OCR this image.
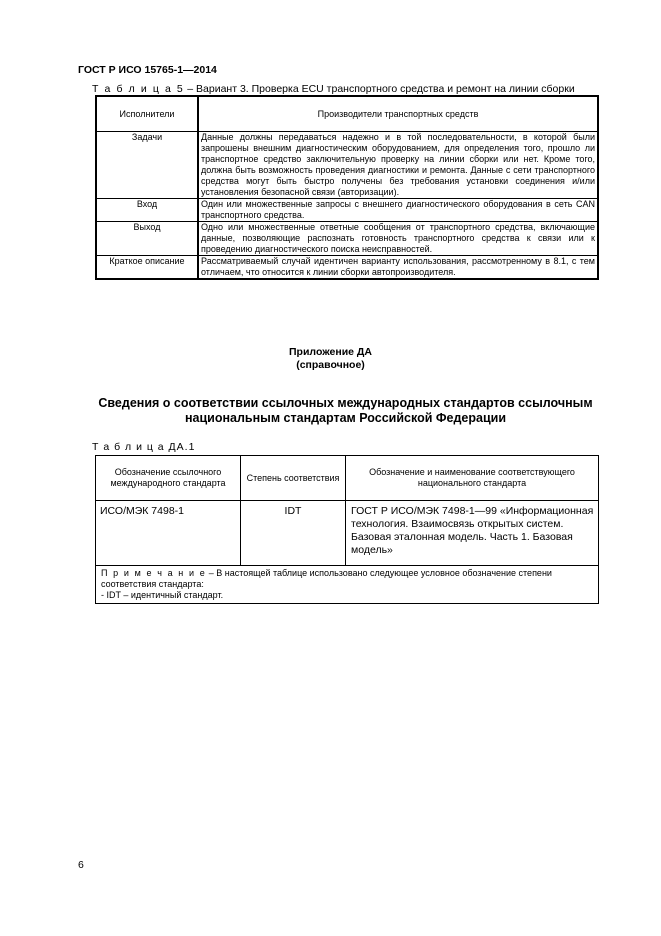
ГОСТ Р ИСО 15765-1—2014
Т а б л и ц а 5 – Вариант 3. Проверка ECU транспортного средства и ремонт на линии сборки
Исполнители	Производители транспортных средств
Задачи	Данные должны передаваться надежно и в той последовательности, в которой были запрошены внешним диагностическим оборудованием, для определения того, прошло ли транспортное средство заключительную проверку на линии сборки или нет. Кроме того, должна быть возможность проведения диагностики и ремонта. Данные с сети транспортного средства могут быть быстро получены без требования установки соединения и/или установления безопасной связи (авторизации).
Вход	Один или множественные запросы с внешнего диагностического оборудования в сеть CAN транспортного средства.
Выход	Одно или множественные ответные сообщения от транспортного средства, включающие данные, позволяющие распознать готовность транспортного средства к связи или к проведению диагностического поиска неисправностей.
Краткое описание	Рассматриваемый случай идентичен варианту использования, рассмотренному в 8.1, с тем отличаем, что относится к линии сборки автопроизводителя.
Приложение ДА
(справочное)
Сведения о соответствии ссылочных международных стандартов ссылочным
национальным стандартам Российской Федерации
Т а б л и ц а ДА.1
Обозначение ссылочного международного стандарта	Степень соответствия	Обозначение и наименование соответствующего национального стандарта
ИСО/МЭК 7498-1	IDT	ГОСТ Р ИСО/МЭК 7498-1—99 «Информационная технология. Взаимосвязь открытых систем. Базовая эталонная модель. Часть 1. Базовая модель»
П р и м е ч а н и е – В настоящей таблице использовано следующее условное обозначение степени соответствия стандарта:
- IDT – идентичный стандарт.		
6
